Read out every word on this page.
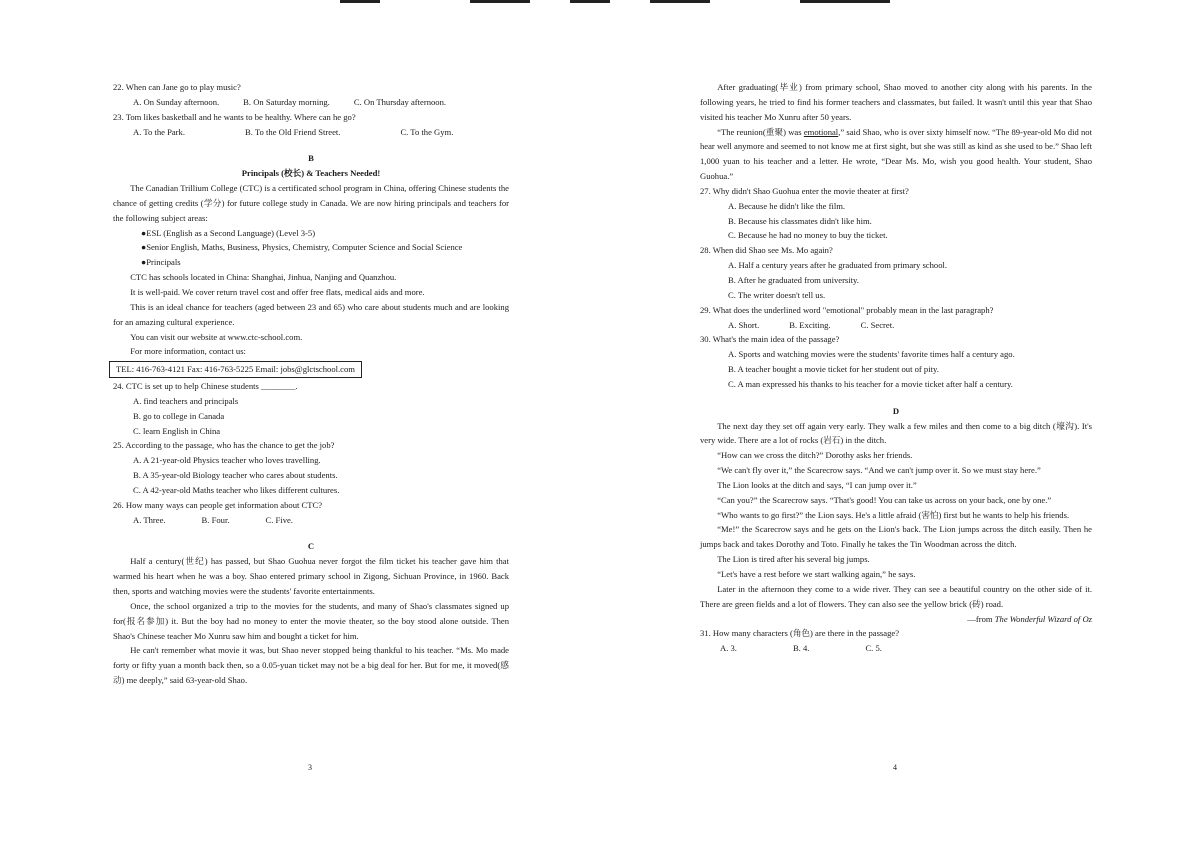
22. When can Jane go to play music?

A. On Sunday afternoon.	B. On Saturday morning.	C. On Thursday afternoon.

23. Tom likes basketball and he wants to be healthy. Where can he go?

A. To the Park.	B. To the Old Friend Street.	C. To the Gym.

B

Principals (校长) & Teachers Needed!

The Canadian Trillium College (CTC) is a certificated school program in China, offering Chinese students the chance of getting credits (学分) for future college study in Canada. We are now hiring principals and teachers for the following subject areas:

●ESL (English as a Second Language) (Level 3-5)

●Senior English, Maths, Business, Physics, Chemistry, Computer Science and Social Science

●Principals

CTC has schools located in China: Shanghai, Jinhua, Nanjing and Quanzhou.

It is well-paid. We cover return travel cost and offer free flats, medical aids and more.

This is an ideal chance for teachers (aged between 23 and 65) who care about students much and are looking for an amazing cultural experience.

You can visit our website at www.ctc-school.com.

For more information, contact us:

TEL: 416-763-4121 Fax: 416-763-5225 Email: jobs@glctschool.com

24. CTC is set up to help Chinese students ________.

A. find teachers and principals

B. go to college in Canada

C. learn English in China

25. According to the passage, who has the chance to get the job?

A. A 21-year-old Physics teacher who loves travelling.

B. A 35-year-old Biology teacher who cares about students.

C. A 42-year-old Maths teacher who likes different cultures.

26. How many ways can people get information about CTC?

A. Three.	B. Four.	C. Five.

C

Half a century(世纪) has passed, but Shao Guohua never forgot the film ticket his teacher gave him that warmed his heart when he was a boy. Shao entered primary school in Zigong, Sichuan Province, in 1960. Back then, sports and watching movies were the students' favorite entertainments.

Once, the school organized a trip to the movies for the students, and many of Shao's classmates signed up for(报名参加) it. But the boy had no money to enter the movie theater, so the boy stood alone outside. Then Shao's Chinese teacher Mo Xunru saw him and bought a ticket for him.

He can't remember what movie it was, but Shao never stopped being thankful to his teacher. “Ms. Mo made forty or fifty yuan a month back then, so a 0.05-yuan ticket may not be a big deal for her. But for me, it moved(感动) me deeply,” said 63-year-old Shao.

3

After graduating(毕业) from primary school, Shao moved to another city along with his parents. In the following years, he tried to find his former teachers and classmates, but failed. It wasn't until this year that Shao visited his teacher Mo Xunru after 50 years.

“The reunion(重聚) was emotional,” said Shao, who is over sixty himself now. “The 89-year-old Mo did not hear well anymore and seemed to not know me at first sight, but she was still as kind as she used to be.” Shao left 1,000 yuan to his teacher and a letter. He wrote, “Dear Ms. Mo, wish you good health. Your student, Shao Guohua.”

27. Why didn't Shao Guohua enter the movie theater at first?

A. Because he didn't like the film.

B. Because his classmates didn't like him.

C. Because he had no money to buy the ticket.

28. When did Shao see Ms. Mo again?

A. Half a century years after he graduated from primary school.

B. After he graduated from university.

C. The writer doesn't tell us.

29. What does the underlined word "emotional" probably mean in the last paragraph?

A. Short.	B. Exciting.	C. Secret.

30. What's the main idea of the passage?

A. Sports and watching movies were the students' favorite times half a century ago.

B. A teacher bought a movie ticket for her student out of pity.

C. A man expressed his thanks to his teacher for a movie ticket after half a century.

D

The next day they set off again very early. They walk a few miles and then come to a big ditch (壕沟). It's very wide. There are a lot of rocks (岩石) in the ditch.

“How can we cross the ditch?” Dorothy asks her friends.

“We can't fly over it,” the Scarecrow says. “And we can't jump over it. So we must stay here.”

The Lion looks at the ditch and says, “I can jump over it.”

“Can you?” the Scarecrow says. “That's good! You can take us across on your back, one by one.”

“Who wants to go first?” the Lion says. He's a little afraid (害怕) first but he wants to help his friends.

“Me!” the Scarecrow says and he gets on the Lion's back. The Lion jumps across the ditch easily. Then he jumps back and takes Dorothy and Toto. Finally he takes the Tin Woodman across the ditch.

The Lion is tired after his several big jumps.

“Let's have a rest before we start walking again,” he says.

Later in the afternoon they come to a wide river. They can see a beautiful country on the other side of it. There are green fields and a lot of flowers. They can also see the yellow brick (砖) road.

—from The Wonderful Wizard of Oz

31. How many characters (角色) are there in the passage?

A. 3.	B. 4.	C. 5.
4
